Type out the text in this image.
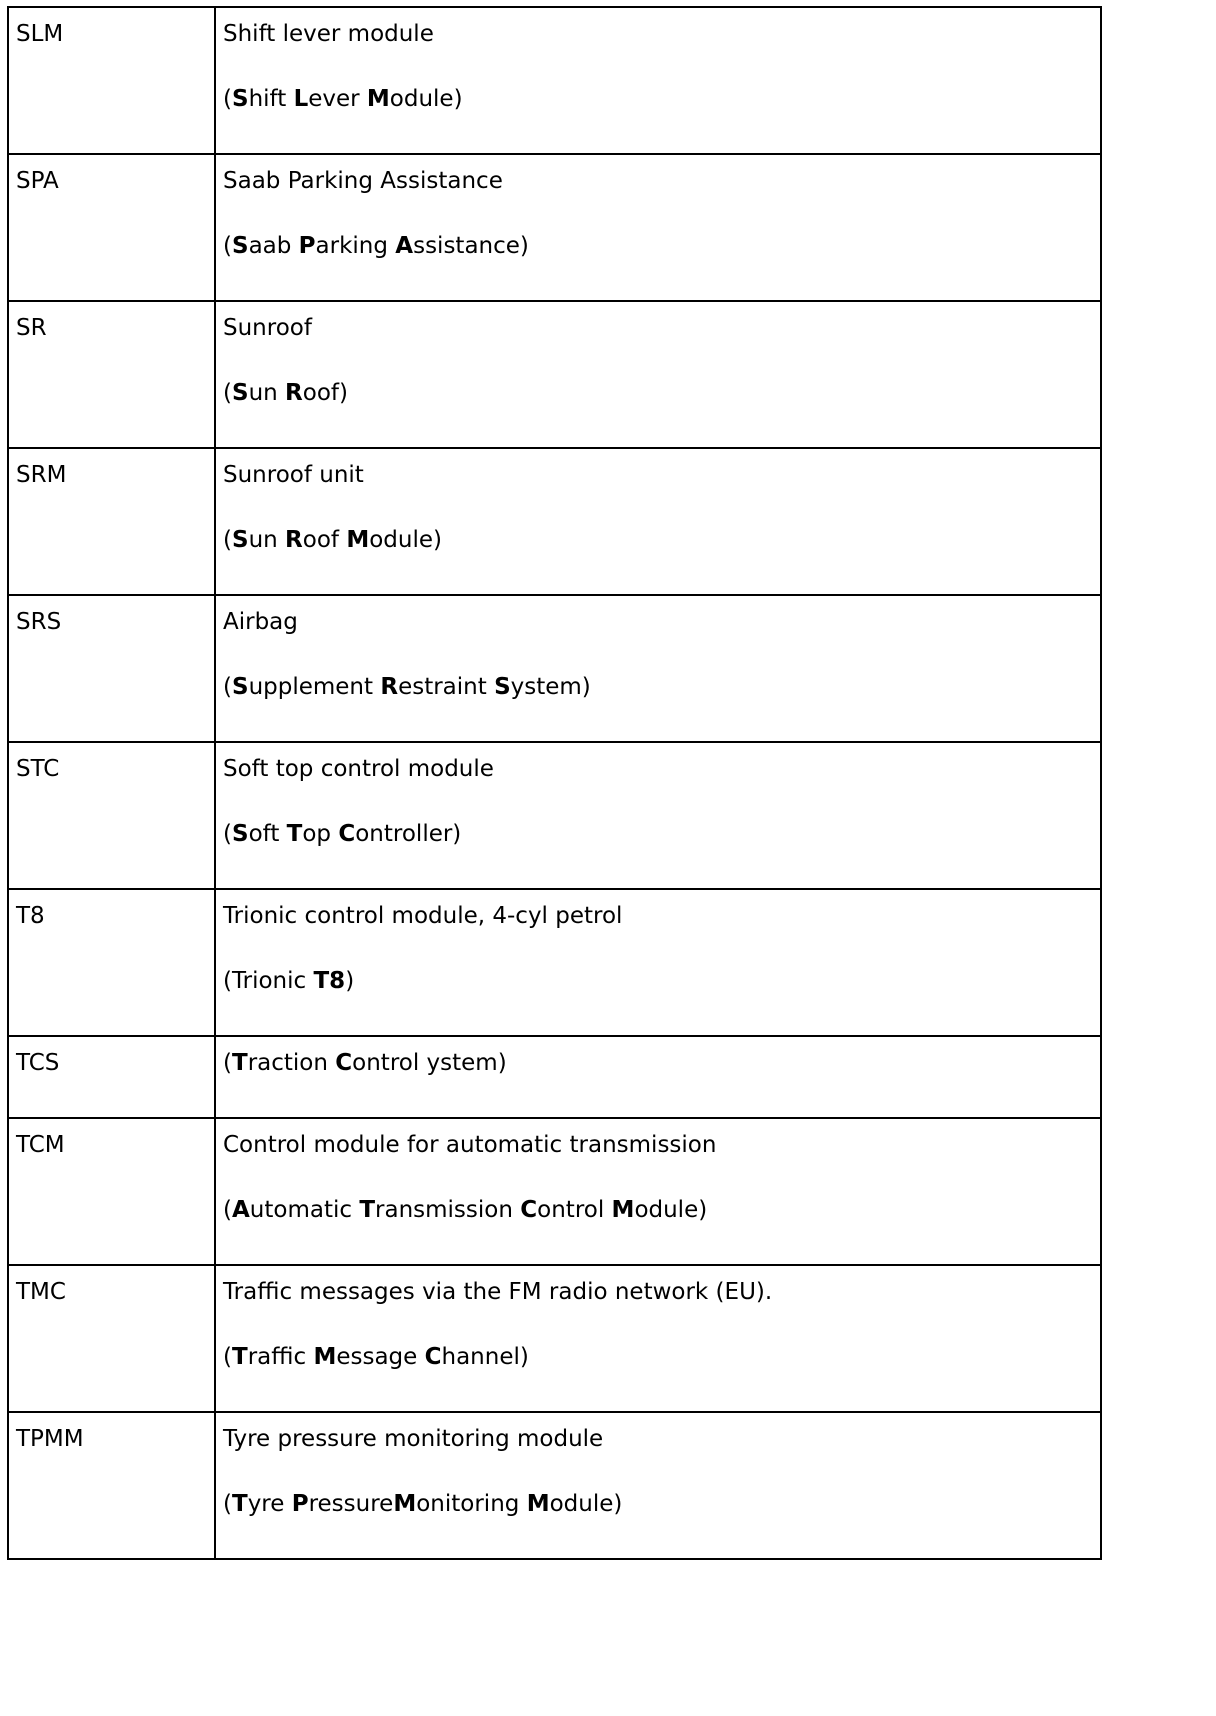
SLM	Shift lever module
(Shift Lever Module)

SPA	Saab Parking Assistance
(Saab Parking Assistance)

SR	Sunroof
(Sun Roof)

SRM	Sunroof unit
(Sun Roof Module)

SRS	Airbag
(Supplement Restraint System)

STC	Soft top control module
(Soft Top Controller)

T8	Trionic control module, 4-cyl petrol
(Trionic T8)

TCS	(Traction Control ystem)
TCM	Control module for automatic transmission
(Automatic Transmission Control Module)

TMC	Traffic messages via the FM radio network (EU).
(Traffic Message Channel)

TPMM	Tyre pressure monitoring module
(Tyre PressureMonitoring Module)
